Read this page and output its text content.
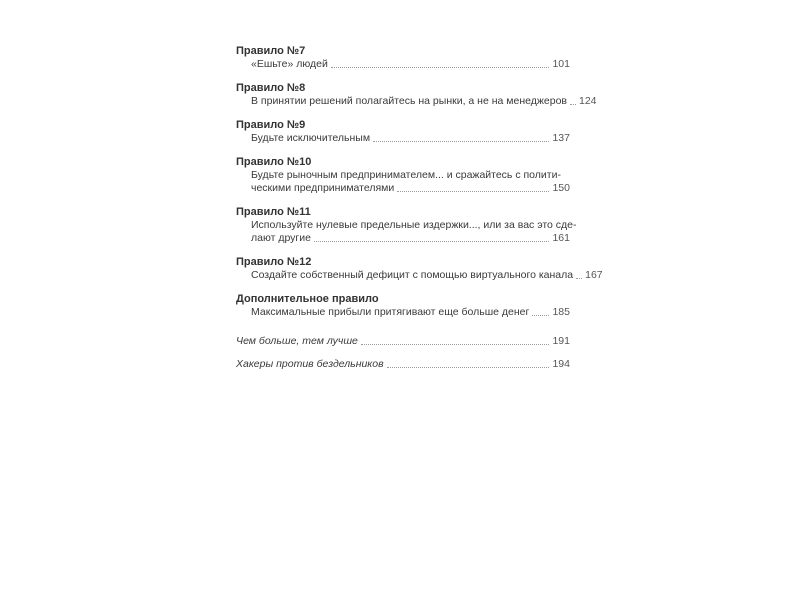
Правило №7
«Ешьте» людей	101
Правило №8
В принятии решений полагайтесь на рынки, а не на менеджеров 124
Правило №9
Будьте исключительным	137
Правило №10
Будьте рыночным предпринимателем... и сражайтесь с полити-
ческими предпринимателями	150
Правило №11
Используйте нулевые предельные издержки..., или за вас это сде-
лают другие	161
Правило №12
Создайте собственный дефицит с помощью виртуального канала 167
Дополнительное правило
Максимальные прибыли притягивают еще больше денег 185
Чем больше, тем лучше	191
Хакеры против бездельников	194
